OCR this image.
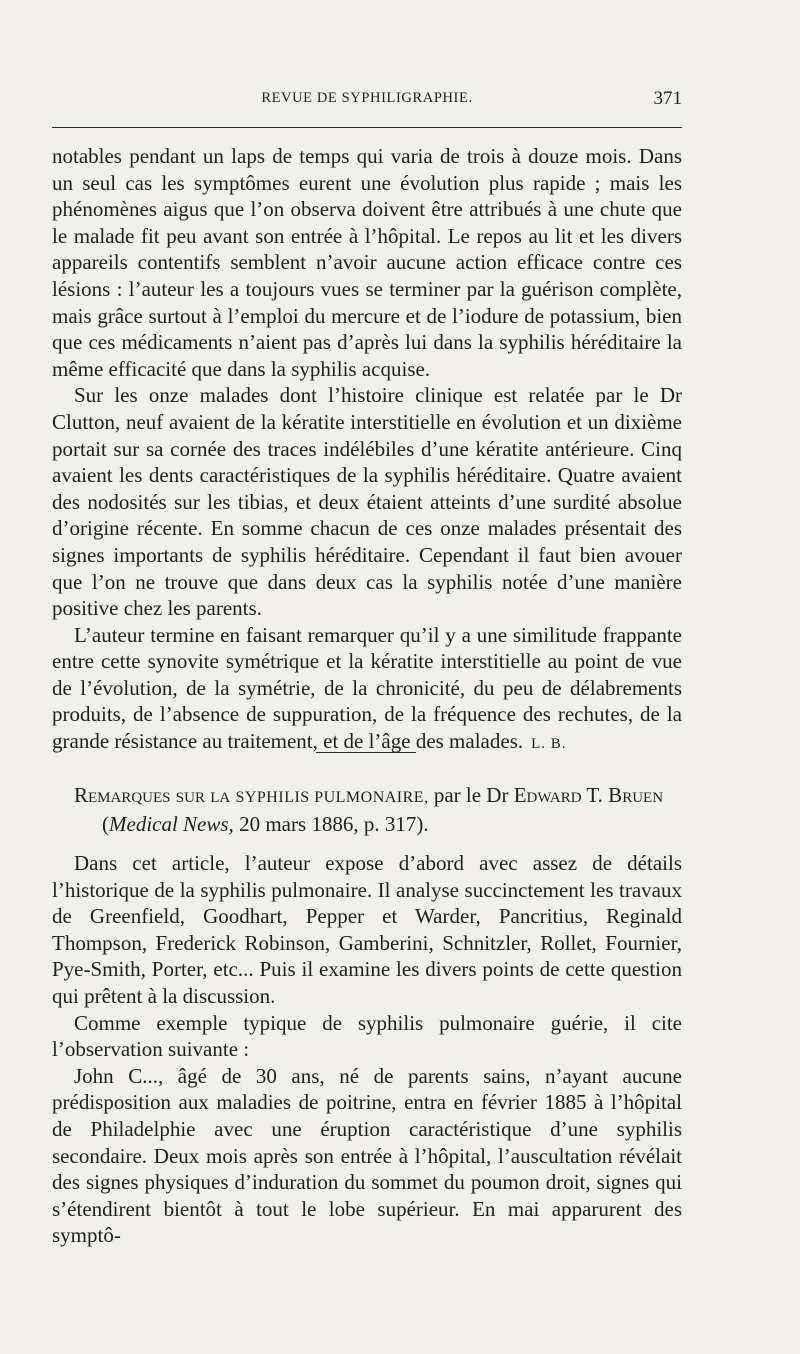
REVUE DE SYPHILIGRAPHIE.	371

notables pendant un laps de temps qui varia de trois à douze mois. Dans un seul cas les symptômes eurent une évolution plus rapide ; mais les phénomènes aigus que l’on observa doivent être attribués à une chute que le malade fit peu avant son entrée à l’hôpital. Le repos au lit et les divers appareils contentifs semblent n’avoir aucune action efficace contre ces lésions : l’auteur les a toujours vues se terminer par la guérison complète, mais grâce surtout à l’emploi du mercure et de l’iodure de potassium, bien que ces médicaments n’aient pas d’après lui dans la syphilis héréditaire la même efficacité que dans la syphilis acquise.

Sur les onze malades dont l’histoire clinique est relatée par le Dr Clutton, neuf avaient de la kératite interstitielle en évolution et un dixième portait sur sa cornée des traces indélébiles d’une kératite antérieure. Cinq avaient les dents caractéristiques de la syphilis héréditaire. Quatre avaient des nodosités sur les tibias, et deux étaient atteints d’une surdité absolue d’origine récente. En somme chacun de ces onze malades présentait des signes importants de syphilis héréditaire. Cependant il faut bien avouer que l’on ne trouve que dans deux cas la syphilis notée d’une manière positive chez les parents.

L’auteur termine en faisant remarquer qu’il y a une similitude frappante entre cette synovite symétrique et la kératite interstitielle au point de vue de l’évolution, de la symétrie, de la chronicité, du peu de délabrements produits, de l’absence de suppuration, de la fréquence des rechutes, de la grande résistance au traitement, et de l’âge des malades. L. B.

Remarques sur la SYPHILIS PULMONAIRE, par le Dr Edward T. Bruen
(Medical News, 20 mars 1886, p. 317).

Dans cet article, l’auteur expose d’abord avec assez de détails l’historique de la syphilis pulmonaire. Il analyse succinctement les travaux de Greenfield, Goodhart, Pepper et Warder, Pancritius, Reginald Thompson, Frederick Robinson, Gamberini, Schnitzler, Rollet, Fournier, Pye-Smith, Porter, etc... Puis il examine les divers points de cette question qui prêtent à la discussion.

Comme exemple typique de syphilis pulmonaire guérie, il cite l’observation suivante :

John C..., âgé de 30 ans, né de parents sains, n’ayant aucune prédisposition aux maladies de poitrine, entra en février 1885 à l’hôpital de Philadelphie avec une éruption caractéristique d’une syphilis secondaire. Deux mois après son entrée à l’hôpital, l’auscultation révélait des signes physiques d’induration du sommet du poumon droit, signes qui s’étendirent bientôt à tout le lobe supérieur. En mai apparurent des symptô-
